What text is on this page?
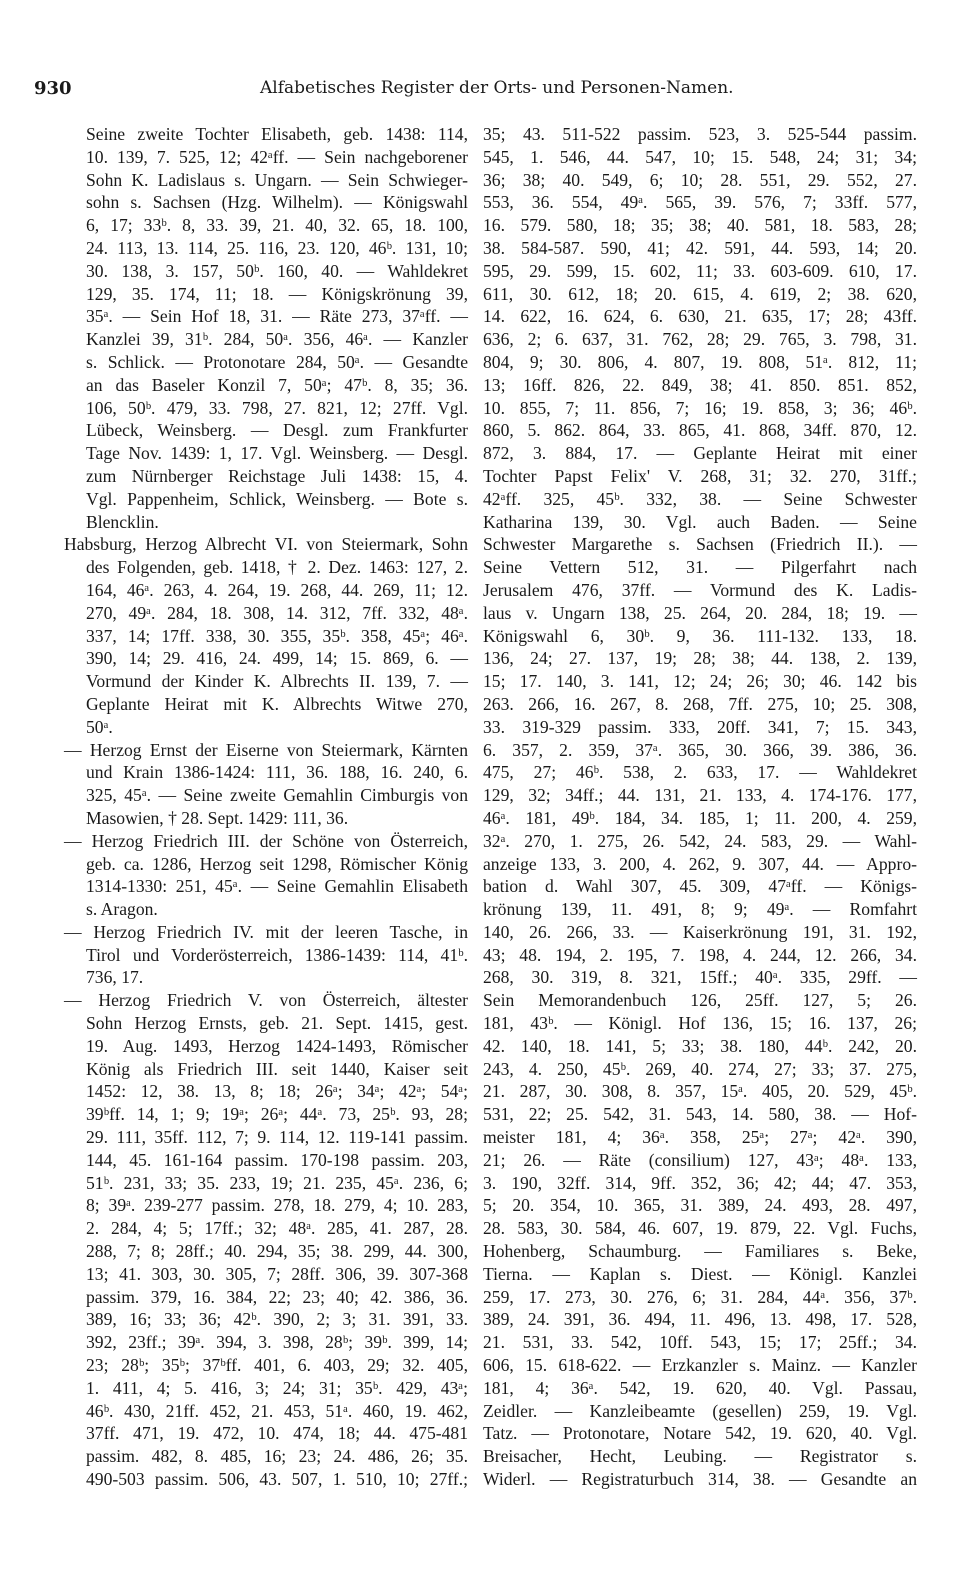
930	Alfabetisches Register der Orts- und Personen-Namen.
Seine zweite Tochter Elisabeth, geb. 1438: 114,
10. 139, 7. 525, 12; 42ᵃff. — Sein nachgeborener
Sohn K. Ladislaus s. Ungarn. — Sein Schwieger-
sohn s. Sachsen (Hzg. Wilhelm). — Königswahl
6, 17; 33ᵇ. 8, 33. 39, 21. 40, 32. 65, 18. 100,
24. 113, 13. 114, 25. 116, 23. 120, 46ᵇ. 131, 10;
30. 138, 3. 157, 50ᵇ. 160, 40. — Wahldekret
129, 35. 174, 11; 18. — Königskrönung 39,
35ᵃ. — Sein Hof 18, 31. — Räte 273, 37ᵃff. —
Kanzlei 39, 31ᵇ. 284, 50ᵃ. 356, 46ᵃ. — Kanzler
s. Schlick. — Protonotare 284, 50ᵃ. — Gesandte
an das Baseler Konzil 7, 50ᵃ; 47ᵇ. 8, 35; 36.
106, 50ᵇ. 479, 33. 798, 27. 821, 12; 27ff. Vgl.
Lübeck, Weinsberg. — Desgl. zum Frankfurter
Tage Nov. 1439: 1, 17. Vgl. Weinsberg. — Desgl.
zum Nürnberger Reichstage Juli 1438: 15, 4.
Vgl. Pappenheim, Schlick, Weinsberg. — Bote s.
Blencklin.
Habsburg, Herzog Albrecht VI. von Steiermark, Sohn
des Folgenden, geb. 1418, † 2. Dez. 1463: 127, 2.
164, 46ᵃ. 263, 4. 264, 19. 268, 44. 269, 11; 12.
270, 49ᵃ. 284, 18. 308, 14. 312, 7ff. 332, 48ᵃ.
337, 14; 17ff. 338, 30. 355, 35ᵇ. 358, 45ᵃ; 46ᵃ.
390, 14; 29. 416, 24. 499, 14; 15. 869, 6. —
Vormund der Kinder K. Albrechts II. 139, 7. —
Geplante Heirat mit K. Albrechts Witwe 270,
50ᵃ.
— Herzog Ernst der Eiserne von Steiermark, Kärnten
und Krain 1386-1424: 111, 36. 188, 16. 240, 6.
325, 45ᵃ. — Seine zweite Gemahlin Cimburgis von
Masowien, † 28. Sept. 1429: 111, 36.
— Herzog Friedrich III. der Schöne von Österreich,
geb. ca. 1286, Herzog seit 1298, Römischer König
1314-1330: 251, 45ᵃ. — Seine Gemahlin Elisabeth
s. Aragon.
— Herzog Friedrich IV. mit der leeren Tasche, in
Tirol und Vorderösterreich, 1386-1439: 114, 41ᵇ.
736, 17.
— Herzog Friedrich V. von Österreich, ältester
Sohn Herzog Ernsts, geb. 21. Sept. 1415, gest.
19. Aug. 1493, Herzog 1424-1493, Römischer
König als Friedrich III. seit 1440, Kaiser seit
1452: 12, 38. 13, 8; 18; 26ᵃ; 34ᵃ; 42ᵃ; 54ᵃ;
39ᵇff. 14, 1; 9; 19ᵃ; 26ᵃ; 44ᵃ. 73, 25ᵇ. 93, 28;
29. 111, 35ff. 112, 7; 9. 114, 12. 119-141 passim.
144, 45. 161-164 passim. 170-198 passim. 203,
51ᵇ. 231, 33; 35. 233, 19; 21. 235, 45ᵃ. 236, 6;
8; 39ᵃ. 239-277 passim. 278, 18. 279, 4; 10. 283,
2. 284, 4; 5; 17ff.; 32; 48ᵃ. 285, 41. 287, 28.
288, 7; 8; 28ff.; 40. 294, 35; 38. 299, 44. 300,
13; 41. 303, 30. 305, 7; 28ff. 306, 39. 307-368
passim. 379, 16. 384, 22; 23; 40; 42. 386, 36.
389, 16; 33; 36; 42ᵇ. 390, 2; 3; 31. 391, 33.
392, 23ff.; 39ᵃ. 394, 3. 398, 28ᵇ; 39ᵇ. 399, 14;
23; 28ᵇ; 35ᵇ; 37ᵇff. 401, 6. 403, 29; 32. 405,
1. 411, 4; 5. 416, 3; 24; 31; 35ᵇ. 429, 43ᵃ;
46ᵇ. 430, 21ff. 452, 21. 453, 51ᵃ. 460, 19. 462,
37ff. 471, 19. 472, 10. 474, 18; 44. 475-481
passim. 482, 8. 485, 16; 23; 24. 486, 26; 35.
490-503 passim. 506, 43. 507, 1. 510, 10; 27ff.;
35; 43. 511-522 passim. 523, 3. 525-544 passim.
545, 1. 546, 44. 547, 10; 15. 548, 24; 31; 34;
36; 38; 40. 549, 6; 10; 28. 551, 29. 552, 27.
553, 36. 554, 49ᵃ. 565, 39. 576, 7; 33ff. 577,
16. 579. 580, 18; 35; 38; 40. 581, 18. 583, 28;
38. 584-587. 590, 41; 42. 591, 44. 593, 14; 20.
595, 29. 599, 15. 602, 11; 33. 603-609. 610, 17.
611, 30. 612, 18; 20. 615, 4. 619, 2; 38. 620,
14. 622, 16. 624, 6. 630, 21. 635, 17; 28; 43ff.
636, 2; 6. 637, 31. 762, 28; 29. 765, 3. 798, 31.
804, 9; 30. 806, 4. 807, 19. 808, 51ᵃ. 812, 11;
13; 16ff. 826, 22. 849, 38; 41. 850. 851. 852,
10. 855, 7; 11. 856, 7; 16; 19. 858, 3; 36; 46ᵇ.
860, 5. 862. 864, 33. 865, 41. 868, 34ff. 870, 12.
872, 3. 884, 17. — Geplante Heirat mit einer
Tochter Papst Felix' V. 268, 31; 32. 270, 31ff.;
42ᵃff. 325, 45ᵇ. 332, 38. — Seine Schwester
Katharina 139, 30. Vgl. auch Baden. — Seine
Schwester Margarethe s. Sachsen (Friedrich II.). —
Seine Vettern 512, 31. — Pilgerfahrt nach
Jerusalem 476, 37ff. — Vormund des K. Ladis-
laus v. Ungarn 138, 25. 264, 20. 284, 18; 19. —
Königswahl 6, 30ᵇ. 9, 36. 111-132. 133, 18.
136, 24; 27. 137, 19; 28; 38; 44. 138, 2. 139,
15; 17. 140, 3. 141, 12; 24; 26; 30; 46. 142 bis
263. 266, 16. 267, 8. 268, 7ff. 275, 10; 25. 308,
33. 319-329 passim. 333, 20ff. 341, 7; 15. 343,
6. 357, 2. 359, 37ᵃ. 365, 30. 366, 39. 386, 36.
475, 27; 46ᵇ. 538, 2. 633, 17. — Wahldekret
129, 32; 34ff.; 44. 131, 21. 133, 4. 174-176. 177,
46ᵃ. 181, 49ᵇ. 184, 34. 185, 1; 11. 200, 4. 259,
32ᵃ. 270, 1. 275, 26. 542, 24. 583, 29. — Wahl-
anzeige 133, 3. 200, 4. 262, 9. 307, 44. — Appro-
bation d. Wahl 307, 45. 309, 47ᵃff. — Königs-
krönung 139, 11. 491, 8; 9; 49ᵃ. — Romfahrt
140, 26. 266, 33. — Kaiserkrönung 191, 31. 192,
43; 48. 194, 2. 195, 7. 198, 4. 244, 12. 266, 34.
268, 30. 319, 8. 321, 15ff.; 40ᵃ. 335, 29ff. —
Sein Memorandenbuch 126, 25ff. 127, 5; 26.
181, 43ᵇ. — Königl. Hof 136, 15; 16. 137, 26;
42. 140, 18. 141, 5; 33; 38. 180, 44ᵇ. 242, 20.
243, 4. 250, 45ᵇ. 269, 40. 274, 27; 33; 37. 275,
21. 287, 30. 308, 8. 357, 15ᵃ. 405, 20. 529, 45ᵇ.
531, 22; 25. 542, 31. 543, 14. 580, 38. — Hof-
meister 181, 4; 36ᵃ. 358, 25ᵃ; 27ᵃ; 42ᵃ. 390,
21; 26. — Räte (consilium) 127, 43ᵃ; 48ᵃ. 133,
3. 190, 32ff. 314, 9ff. 352, 36; 42; 44; 47. 353,
5; 20. 354, 10. 365, 31. 389, 24. 493, 28. 497,
28. 583, 30. 584, 46. 607, 19. 879, 22. Vgl. Fuchs,
Hohenberg, Schaumburg. — Familiares s. Beke,
Tierna. — Kaplan s. Diest. — Königl. Kanzlei
259, 17. 273, 30. 276, 6; 31. 284, 44ᵃ. 356, 37ᵇ.
389, 24. 391, 36. 494, 11. 496, 13. 498, 17. 528,
21. 531, 33. 542, 10ff. 543, 15; 17; 25ff.; 34.
606, 15. 618-622. — Erzkanzler s. Mainz. — Kanzler
181, 4; 36ᵃ. 542, 19. 620, 40. Vgl. Passau,
Zeidler. — Kanzleibeamte (gesellen) 259, 19. Vgl.
Tatz. — Protonotare, Notare 542, 19. 620, 40. Vgl.
Breisacher, Hecht, Leubing. — Registrator s.
Widerl. — Registraturbuch 314, 38. — Gesandte an
